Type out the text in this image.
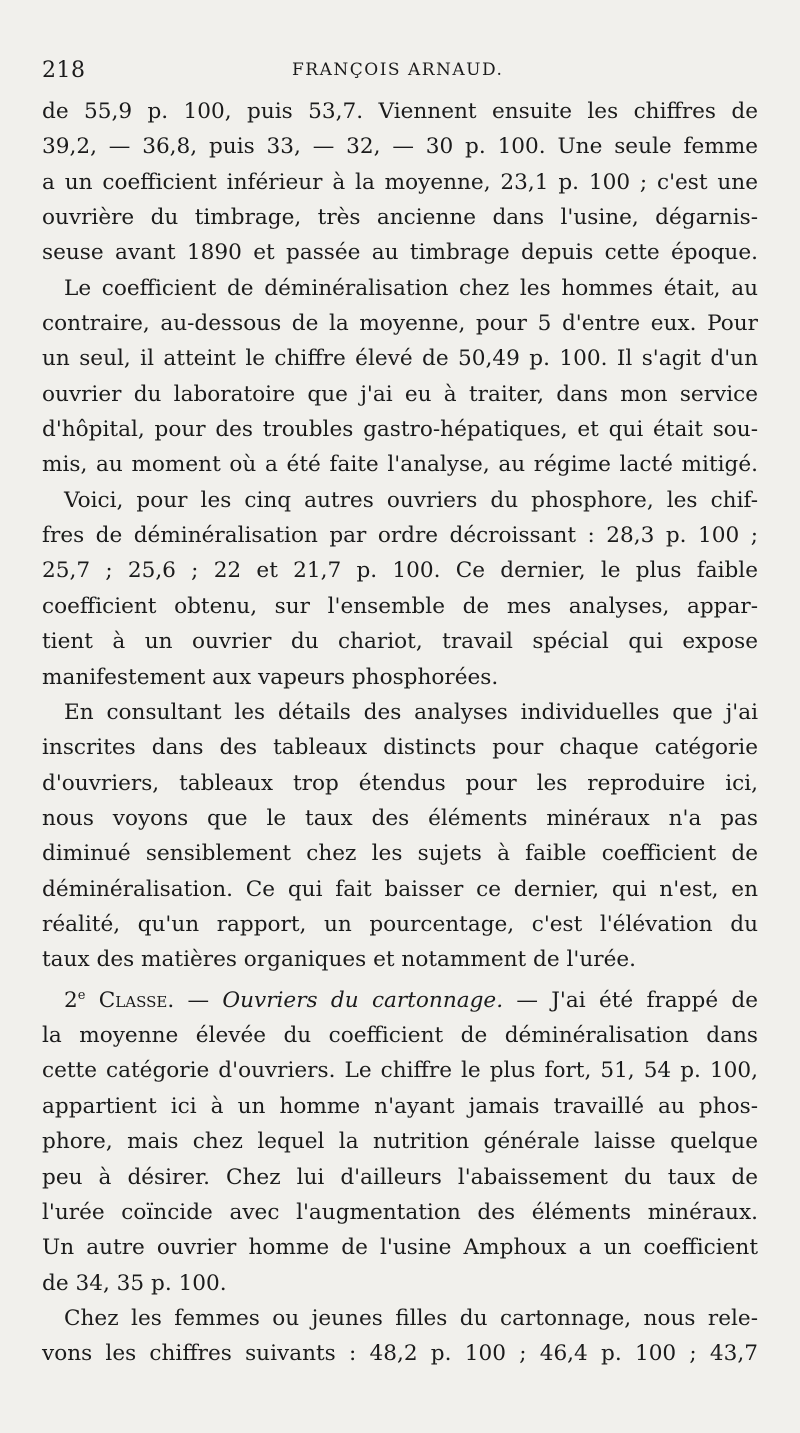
218	FRANÇOIS ARNAUD.
de 55,9 p. 100, puis 53,7. Viennent ensuite les chiffres de
39,2, — 36,8, puis 33, — 32, — 30 p. 100. Une seule femme
a un coefficient inférieur à la moyenne, 23,1 p. 100 ; c'est une
ouvrière du timbrage, très ancienne dans l'usine, dégarnis-
seuse avant 1890 et passée au timbrage depuis cette époque.
Le coefficient de déminéralisation chez les hommes était, au
contraire, au-dessous de la moyenne, pour 5 d'entre eux. Pour
un seul, il atteint le chiffre élevé de 50,49 p. 100. Il s'agit d'un
ouvrier du laboratoire que j'ai eu à traiter, dans mon service
d'hôpital, pour des troubles gastro-hépatiques, et qui était sou-
mis, au moment où a été faite l'analyse, au régime lacté mitigé.
Voici, pour les cinq autres ouvriers du phosphore, les chif-
fres de déminéralisation par ordre décroissant : 28,3 p. 100 ;
25,7 ; 25,6 ; 22 et 21,7 p. 100. Ce dernier, le plus faible
coefficient obtenu, sur l'ensemble de mes analyses, appar-
tient à un ouvrier du chariot, travail spécial qui expose
manifestement aux vapeurs phosphorées.
En consultant les détails des analyses individuelles que j'ai
inscrites dans des tableaux distincts pour chaque catégorie
d'ouvriers, tableaux trop étendus pour les reproduire ici,
nous voyons que le taux des éléments minéraux n'a pas
diminué sensiblement chez les sujets à faible coefficient de
déminéralisation. Ce qui fait baisser ce dernier, qui n'est, en
réalité, qu'un rapport, un pourcentage, c'est l'élévation du
taux des matières organiques et notamment de l'urée.
2e Classe. — Ouvriers du cartonnage. — J'ai été frappé de
la moyenne élevée du coefficient de déminéralisation dans
cette catégorie d'ouvriers. Le chiffre le plus fort, 51, 54 p. 100,
appartient ici à un homme n'ayant jamais travaillé au phos-
phore, mais chez lequel la nutrition générale laisse quelque
peu à désirer. Chez lui d'ailleurs l'abaissement du taux de
l'urée coïncide avec l'augmentation des éléments minéraux.
Un autre ouvrier homme de l'usine Amphoux a un coefficient
de 34, 35 p. 100.
Chez les femmes ou jeunes filles du cartonnage, nous rele-
vons les chiffres suivants : 48,2 p. 100 ; 46,4 p. 100 ; 43,7
